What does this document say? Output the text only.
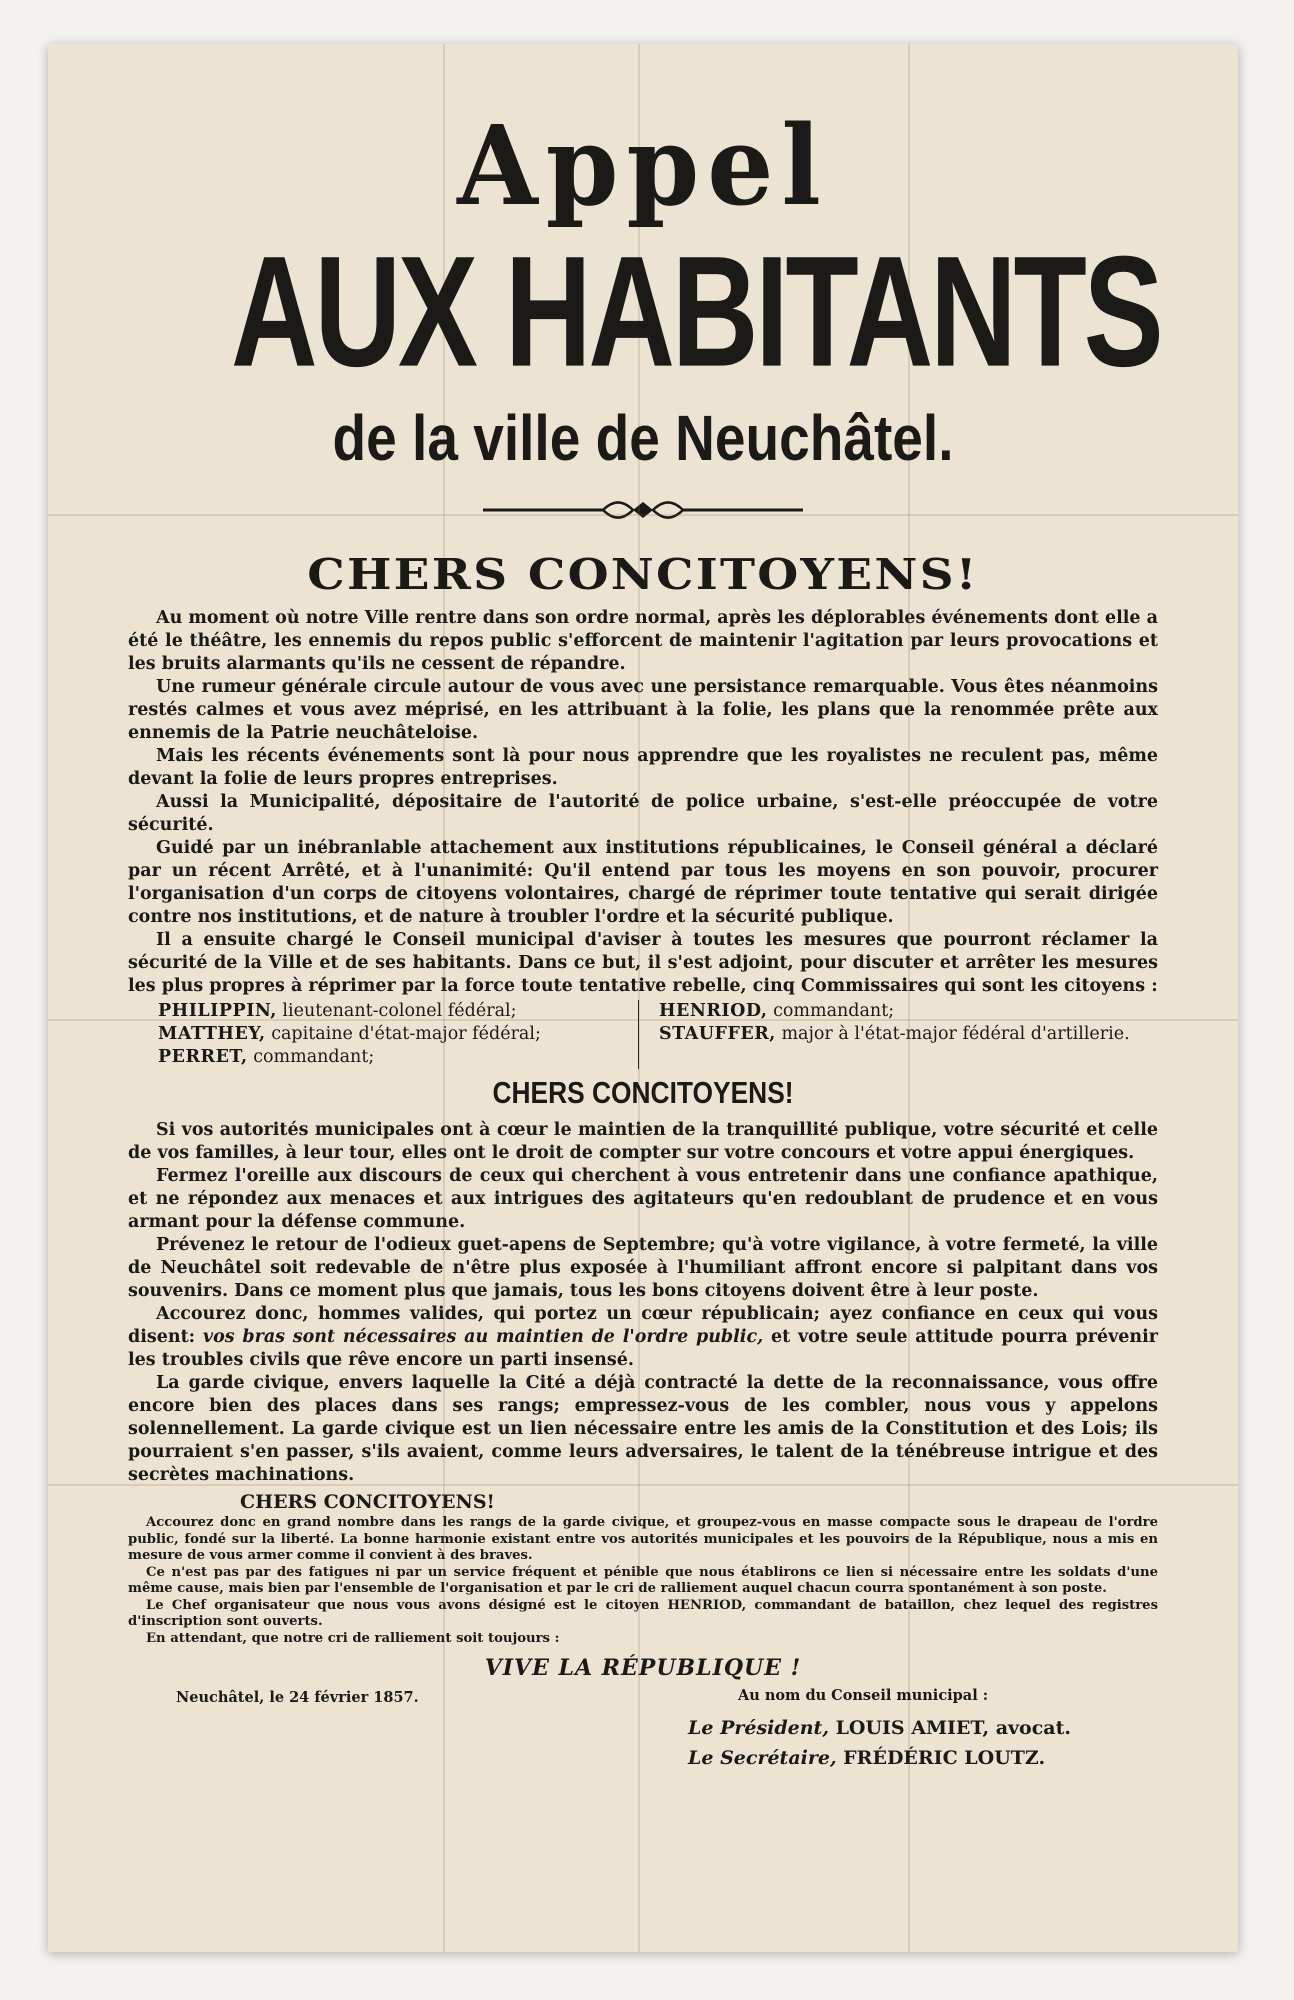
Appel
AUX HABITANTS
de la ville de Neuchâtel.
CHERS CONCITOYENS!

Au moment où notre Ville rentre dans son ordre normal, après les déplorables événements dont elle a été le théâtre, les ennemis du repos public s'efforcent de maintenir l'agitation par leurs provocations et les bruits alarmants qu'ils ne cessent de répandre.

Une rumeur générale circule autour de vous avec une persistance remarquable. Vous êtes néanmoins restés calmes et vous avez méprisé, en les attribuant à la folie, les plans que la renommée prête aux ennemis de la Patrie neuchâteloise.

Mais les récents événements sont là pour nous apprendre que les royalistes ne reculent pas, même devant la folie de leurs propres entreprises.

Aussi la Municipalité, dépositaire de l'autorité de police urbaine, s'est-elle préoccupée de votre sécurité.

Guidé par un inébranlable attachement aux institutions républicaines, le Conseil général a déclaré par un récent Arrêté, et à l'unanimité: Qu'il entend par tous les moyens en son pouvoir, procurer l'organisation d'un corps de citoyens volontaires, chargé de réprimer toute tentative qui serait dirigée contre nos institutions, et de nature à troubler l'ordre et la sécurité publique.

Il a ensuite chargé le Conseil municipal d'aviser à toutes les mesures que pourront réclamer la sécurité de la Ville et de ses habitants. Dans ce but, il s'est adjoint, pour discuter et arrêter les mesures les plus propres à réprimer par la force toute tentative rebelle, cinq Commissaires qui sont les citoyens :

PHILIPPIN, lieutenant-colonel fédéral;
MATTHEY, capitaine d'état-major fédéral;
PERRET, commandant;
HENRIOD, commandant;
STAUFFER, major à l'état-major fédéral d'artillerie.
CHERS CONCITOYENS!

Si vos autorités municipales ont à cœur le maintien de la tranquillité publique, votre sécurité et celle de vos familles, à leur tour, elles ont le droit de compter sur votre concours et votre appui énergiques.

Fermez l'oreille aux discours de ceux qui cherchent à vous entretenir dans une confiance apathique, et ne répondez aux menaces et aux intrigues des agitateurs qu'en redoublant de prudence et en vous armant pour la défense commune.

Prévenez le retour de l'odieux guet-apens de Septembre; qu'à votre vigilance, à votre fermeté, la ville de Neuchâtel soit redevable de n'être plus exposée à l'humiliant affront encore si palpitant dans vos souvenirs. Dans ce moment plus que jamais, tous les bons citoyens doivent être à leur poste.

Accourez donc, hommes valides, qui portez un cœur républicain; ayez confiance en ceux qui vous disent: vos bras sont nécessaires au maintien de l'ordre public, et votre seule attitude pourra prévenir les troubles civils que rêve encore un parti insensé.

La garde civique, envers laquelle la Cité a déjà contracté la dette de la reconnaissance, vous offre encore bien des places dans ses rangs; empressez-vous de les combler, nous vous y appelons solennellement. La garde civique est un lien nécessaire entre les amis de la Constitution et des Lois; ils pourraient s'en passer, s'ils avaient, comme leurs adversaires, le talent de la ténébreuse intrigue et des secrètes machinations.

CHERS CONCITOYENS!

Accourez donc en grand nombre dans les rangs de la garde civique, et groupez-vous en masse compacte sous le drapeau de l'ordre public, fondé sur la liberté. La bonne harmonie existant entre vos autorités municipales et les pouvoirs de la République, nous a mis en mesure de vous armer comme il convient à des braves.

Ce n'est pas par des fatigues ni par un service fréquent et pénible que nous établirons ce lien si nécessaire entre les soldats d'une même cause, mais bien par l'ensemble de l'organisation et par le cri de ralliement auquel chacun courra spontanément à son poste.

Le Chef organisateur que nous vous avons désigné est le citoyen HENRIOD, commandant de bataillon, chez lequel des registres d'inscription sont ouverts.

En attendant, que notre cri de ralliement soit toujours :

VIVE LA RÉPUBLIQUE !
Neuchâtel, le 24 février 1857.	Au nom du Conseil municipal :
Le Président, LOUIS AMIET, avocat.
Le Secrétaire, FRÉDÉRIC LOUTZ.
